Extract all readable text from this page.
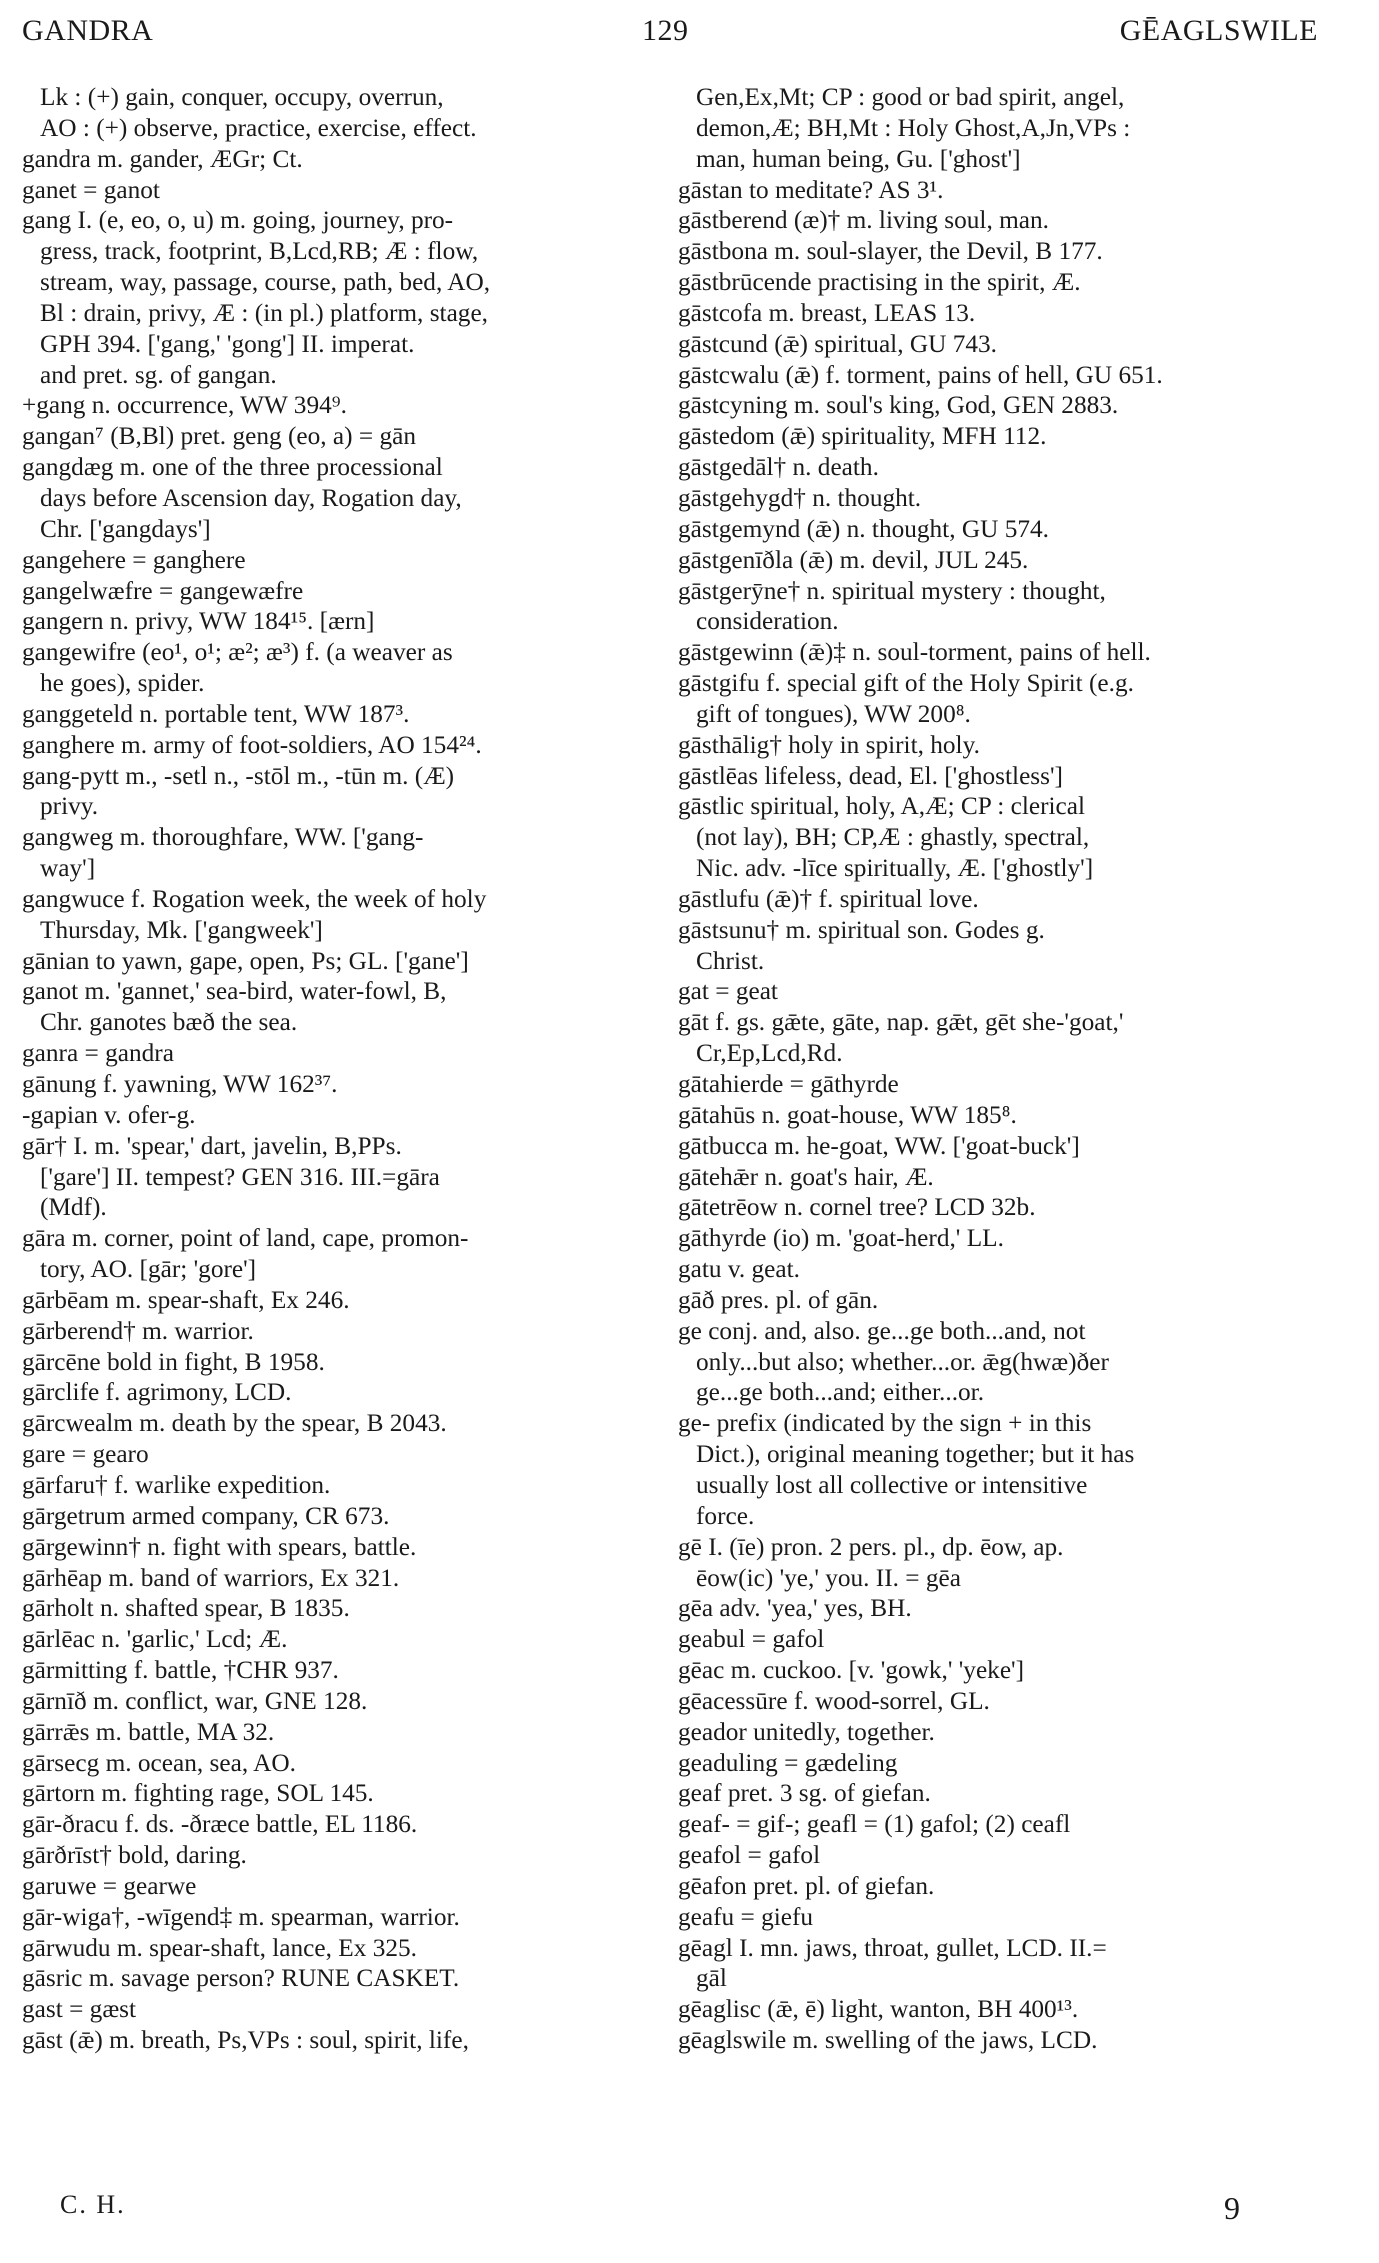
GANDRA	129	GĒAGLSWILE
Lk : (+) gain, conquer, occupy, overrun,
AO : (+) observe, practice, exercise, effect.
gandra m. gander, ÆGr; Ct.
ganet = ganot
gang I. (e, eo, o, u) m. going, journey, pro-
gress, track, footprint, B,Lcd,RB; Æ : flow,
stream, way, passage, course, path, bed, AO,
Bl : drain, privy, Æ : (in pl.) platform, stage,
GPH 394. ['gang,' 'gong'] II. imperat.
and pret. sg. of gangan.
+gang n. occurrence, WW 394⁹.
gangan⁷ (B,Bl) pret. geng (eo, a) = gān
gangdæg m. one of the three processional
days before Ascension day, Rogation day,
Chr. ['gangdays']
gangehere = ganghere
gangelwæfre = gangewæfre
gangern n. privy, WW 184¹⁵. [ærn]
gangewifre (eo¹, o¹; æ²; æ³) f. (a weaver as
he goes), spider.
ganggeteld n. portable tent, WW 187³.
ganghere m. army of foot-soldiers, AO 154²⁴.
gang-pytt m., -setl n., -stōl m., -tūn m. (Æ)
privy.
gangweg m. thoroughfare, WW. ['gang-
way']
gangwuce f. Rogation week, the week of holy
Thursday, Mk. ['gangweek']
gānian to yawn, gape, open, Ps; GL. ['gane']
ganot m. 'gannet,' sea-bird, water-fowl, B,
Chr. ganotes bæð the sea.
ganra = gandra
gānung f. yawning, WW 162³⁷.
-gapian v. ofer-g.
gār† I. m. 'spear,' dart, javelin, B,PPs.
['gare'] II. tempest? GEN 316. III.=gāra
(Mdf).
gāra m. corner, point of land, cape, promon-
tory, AO. [gār; 'gore']
gārbēam m. spear-shaft, Ex 246.
gārberend† m. warrior.
gārcēne bold in fight, B 1958.
gārclife f. agrimony, LCD.
gārcwealm m. death by the spear, B 2043.
gare = gearo
gārfaru† f. warlike expedition.
gārgetrum armed company, CR 673.
gārgewinn† n. fight with spears, battle.
gārhēap m. band of warriors, Ex 321.
gārholt n. shafted spear, B 1835.
gārlēac n. 'garlic,' Lcd; Æ.
gārmitting f. battle, †CHR 937.
gārnīð m. conflict, war, GNE 128.
gārrǣs m. battle, MA 32.
gārsecg m. ocean, sea, AO.
gārtorn m. fighting rage, SOL 145.
gār-ðracu f. ds. -ðræce battle, EL 1186.
gārðrīst† bold, daring.
garuwe = gearwe
gār-wiga†, -wīgend‡ m. spearman, warrior.
gārwudu m. spear-shaft, lance, Ex 325.
gāsric m. savage person? RUNE CASKET.
gast = gæst
gāst (ǣ) m. breath, Ps,VPs : soul, spirit, life,
Gen,Ex,Mt; CP : good or bad spirit, angel,
demon,Æ; BH,Mt : Holy Ghost,A,Jn,VPs :
man, human being, Gu. ['ghost']
gāstan to meditate? AS 3¹.
gāstberend (æ)† m. living soul, man.
gāstbona m. soul-slayer, the Devil, B 177.
gāstbrūcende practising in the spirit, Æ.
gāstcofa m. breast, LEAS 13.
gāstcund (ǣ) spiritual, GU 743.
gāstcwalu (ǣ) f. torment, pains of hell, GU 651.
gāstcyning m. soul's king, God, GEN 2883.
gāstedom (ǣ) spirituality, MFH 112.
gāstgedāl† n. death.
gāstgehygd† n. thought.
gāstgemynd (ǣ) n. thought, GU 574.
gāstgenīðla (ǣ) m. devil, JUL 245.
gāstgerȳne† n. spiritual mystery : thought,
consideration.
gāstgewinn (ǣ)‡ n. soul-torment, pains of hell.
gāstgifu f. special gift of the Holy Spirit (e.g.
gift of tongues), WW 200⁸.
gāsthālig† holy in spirit, holy.
gāstlēas lifeless, dead, El. ['ghostless']
gāstlic spiritual, holy, A,Æ; CP : clerical
(not lay), BH; CP,Æ : ghastly, spectral,
Nic. adv. -līce spiritually, Æ. ['ghostly']
gāstlufu (ǣ)† f. spiritual love.
gāstsunu† m. spiritual son. Godes g.
Christ.
gat = geat
gāt f. gs. gǣte, gāte, nap. gǣt, gēt she-'goat,'
Cr,Ep,Lcd,Rd.
gātahierde = gāthyrde
gātahūs n. goat-house, WW 185⁸.
gātbucca m. he-goat, WW. ['goat-buck']
gātehǣr n. goat's hair, Æ.
gātetrēow n. cornel tree? LCD 32b.
gāthyrde (io) m. 'goat-herd,' LL.
gatu v. geat.
gāð pres. pl. of gān.
ge conj. and, also. ge...ge both...and, not
only...but also; whether...or. ǣg(hwæ)ðer
ge...ge both...and; either...or.
ge- prefix (indicated by the sign + in this
Dict.), original meaning together; but it has
usually lost all collective or intensitive
force.
gē I. (īe) pron. 2 pers. pl., dp. ēow, ap.
ēow(ic) 'ye,' you. II. = gēa
gēa adv. 'yea,' yes, BH.
geabul = gafol
gēac m. cuckoo. [v. 'gowk,' 'yeke']
gēacessūre f. wood-sorrel, GL.
geador unitedly, together.
geaduling = gædeling
geaf pret. 3 sg. of giefan.
geaf- = gif-; geafl = (1) gafol; (2) ceafl
geafol = gafol
gēafon pret. pl. of giefan.
geafu = giefu
gēagl I. mn. jaws, throat, gullet, LCD. II.=
gāl
gēaglisc (ǣ, ē) light, wanton, BH 400¹³.
gēaglswile m. swelling of the jaws, LCD.
C. H.	9
